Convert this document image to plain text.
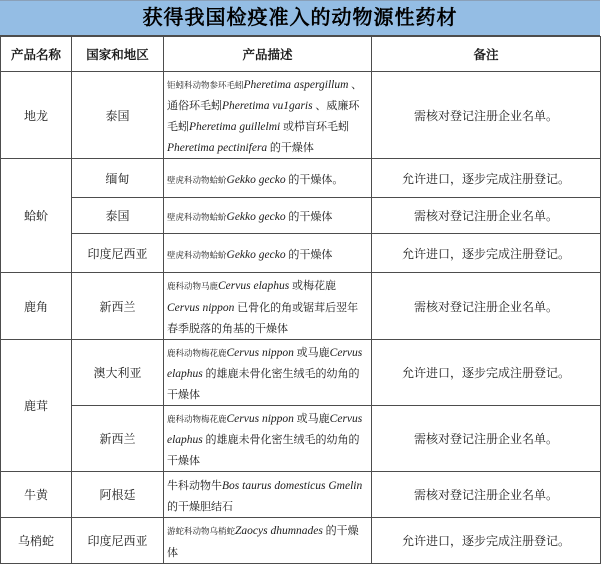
获得我国检疫准入的动物源性药材
产品名称	国家和地区	产品描述	备注
地龙	泰国	钜蚓科动物参环毛蚓Pheretima aspergillum 、通俗环毛蚓Pheretima vu1garis 、威廉环毛蚓Pheretima guillelmi 或栉盲环毛蚓Pheretima pectinifera 的干燥体	需核对登记注册企业名单。
蛤蚧	缅甸	壁虎科动物蛤蚧Gekko gecko 的干燥体。	允许进口，逐步完成注册登记。
	泰国	壁虎科动物蛤蚧Gekko gecko 的干燥体	需核对登记注册企业名单。
	印度尼西亚	壁虎科动物蛤蚧Gekko gecko 的干燥体	允许进口，逐步完成注册登记。
鹿角	新西兰	鹿科动物马鹿Cervus elaphus 或梅花鹿Cervus nippon 已骨化的角或锯茸后翌年春季脱落的角基的干燥体	需核对登记注册企业名单。
鹿茸	澳大利亚	鹿科动物梅花鹿Cervus nippon 或马鹿Cervus elaphus 的雄鹿未骨化密生绒毛的幼角的干燥体	允许进口，逐步完成注册登记。
	新西兰	鹿科动物梅花鹿Cervus nippon 或马鹿Cervus elaphus 的雄鹿未骨化密生绒毛的幼角的干燥体	需核对登记注册企业名单。
牛黄	阿根廷	牛科动物牛Bos taurus domesticus Gmelin 的干燥胆结石	需核对登记注册企业名单。
乌梢蛇	印度尼西亚	游蛇科动物乌梢蛇Zaocys dhumnades 的干燥体	允许进口，逐步完成注册登记。
